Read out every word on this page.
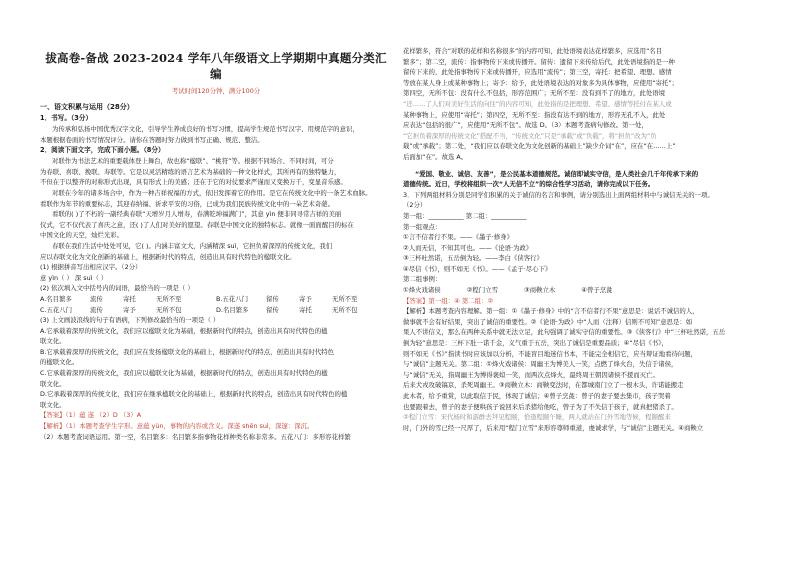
拔高卷-备战 2023-2024 学年八年级语文上学期期中真题分类汇编
考试时间120分钟，满分100分
一、语文积累与运用（28分）
1．书写。（3分）
为传承和弘扬中国优秀汉字文化，引导学生养成良好的书写习惯，提高学生规范书写汉字、用规范字的意识，
本题根据卷面的书写情况评分。请你在答题时努力做到书写正确、规范、整洁。
2．阅读下面文字，完成下面小题。（8分）
对联作为书法艺术的重要载体登上舞台，故也称“楹联”、“桃符”等。根据不同场合、不同时间，可分
为春联、喜联、挽联、寿联等。它是以灵活精练的语言艺术为基础的一种文化样式，其所再有的独特魅力，
不但在于以整齐的对称形式出现，具有形式上的美感；还在于它的对仗要求严谨而又变换万千，变显音乐感。
对联在今年的诸多场合中，作为一种吉祥祝福的方式，依旧发挥着它的作用。是它在传统文化中的一条艺术血脉。
看联作为年节的重要标志，其迎春纳福、祈求平安的习俗，已成为我们民族传统文化中的一朵艺术奇葩。
看联的( )了不朽的一副经典春联“天增岁月人增寿，春满乾坤福满门”，其意 yìn 便非同寻常吉祥的美丽
仪式，它不仅代表了喜庆之意，还( )了人们对美好的愿望。春联是中国文化的独特标志。就像一面面醒目的标在
中国文化的天空，灿烂光彩。
春联在我们生活中处处可见，它( )。内涵丰富文大，内涵精深 suì，它担负着深厚的传统文化，我们
应以春联文化为文化创新的基础上，根据新时代的特点，创造出具有时代特色的楹联文化。
(1) 根据拼音写出相应汉字。（2分）
意 yìn（ ） 深 suì（ ）
(2) 依次填入文中括号内的词语，最恰当的一项是（ ）
A.名目繁多	流传	寄托	无所不至	B.五花八门	留传	寄予	无所不至
C.五花八门	流传	寄予	无所不包	D.名目繁多	留传	寄托	无所不包
(3) 上文画波浪线的句子有语病，下列修改最恰当的一项是（ ）
A.它承载着深厚的传统文化，我们应以楹联文化为基础，根据新时代的特点，创造出具有时代特色的楹
联文化。
B.它承载着深厚的传统文化，我们应在发扬楹联文化的基础上，根据新时代的特点，创造出具有时代特色
的楹联文化。
C.它承载着深厚的传统文化，我们应以楹联文化为基础，根据新时代的特点，创造出具有时代特色的楹
联文化。
D.它承载着深厚的传统文化，我们应在继承楹联文化的基础上，根据新时代的特点，创造出具有时代特色的楹
联文化。
【答案】（1）蕴 遂 （2）D （3）A
【解析】（1）本题考查学生字形。意蕴 yùn，事物的内容或含义。深遂 shēn suì，深邃：深沉。
（2）本题考查词语运用。第一空，名目繁多：名目繁多指事物花样种类名称非常多。五花八门：多形容花样繁
花样繁多，符合“对联的花样和名称很多”的内容可知，此处语境表达花样繁多，应选用“名目
繁多”；第二空，流传：指事物传下来或传播开。留传：遗留下来传给后代，此处语境指的是一种
留传下来的，此处指事物传下来或传播开，应选用“流传”；第三空，寄托：把希望、理想、感情
等放在某人身上或某种事物上；寄予：给予，此处语境表达的对象多为具体事物，应使用“寄托”；
第四空，无所不包：没有什么不包括，形容范围广；无所不至：没有到不了的地方，此处语境
“还……了人们对美好生活的向往”的内容可知，此处指的是把理想、希望、感情等托付在某人或
某种事物上，应使用“寄托”；第四空，无所不至：指没有达不到的地方，形容无孔不入，此处
应表达“包括的很广”，应使用“无所不包”。故选 D。（3）本题考查病句修改。第一处，
“它担负着深厚的传统文化”搭配不当，“传统文化”只是“承载”或“负载”，将“担负”改为“负
载”或“承载”；第二处，“我们应以春联文化为文化创新的基础上”缺少介词“在”，应在“在……上”
后面加“在”。故选 A。
“爱国、敬业、诚信、友善”，是公民基本道德规范。诚信即诚实守信，是人类社会几千年传承下来的
道德传统。近日，学校将组织一次“人无信不立”的综合性学习活动，请你完成以下任务。
3．下列两组材料分别是同学们积累的关于诚信的名言和事例，请分别选出上面两组材料中与诚信无关的一项。
（2分）
第一组：___________ 第二组：___________
第一组观点：
①言不信者行不果。——《墨子·修身》
②人而无信，不知其可也。——《论语·为政》
③三杯吐然诺，五岳倒为轻。——李白《侠客行》
④尽信《书》，则不如无《书》。——《孟子·尽心下》
第二组事例：
①烽火戏诸侯	②程门立雪	③商鞅立木	④曾子烹彘
【答案】第一组：④ 第二组：②
【解析】本题考查内容理解。第一组：①《墨子·修身》中的“言不信者行不果”意思是：说话不诚信的人，
做事就不会有好结果，突出了诚信的重要性。②《论语·为政》中“人而（注释）信则不可知”意思是：如
果人不讲信义，那么在两种关系中就无法立足，此句强调了诚实守信的重要性。③《侠客行》中“三杯吐然诺，五岳
倒为轻”意思是：三杯下肚一诺千金，义气重于五岳，突出了诚信是重要品质；④“尽信《书》，
则不如无《书》”指读书时应该加以分析，不能盲目地迷信书本，不能完全相信它，应当辩证地看待问题，
与“诚信”主题无关。第二组：①烽火戏诸侯：周幽王为博美人一笑，点燃了烽火台，失信于诸侯，
与“诚信”无关，指周幽王为博得褒姒一笑，而两次点烽火，最终周王朝因诸侯不援而灭亡。
后来犬戎攻破镐京，杀死周幽王。③商鞅立木：商鞅变法时，在都城南门立了一根木头，许诺能搬走
此木者，给予重赏，以此取信于民，体现了诚信；④曾子烹彘：曾子的妻子要去集市，孩子哭着
也要跟着去，曾子的妻子便哄孩子说回来后杀猪给他吃，曾子为了不失信于孩子，就真把猪杀了。
②程门立雪：宋代杨时和游酢去拜见程颐，恰逢程颐午睡，两人就站在门外雪地等候，程颐醒来
时，门外的雪已经一尺厚了，后来用“程门立雪”来形容尊师重道，虔诚求学，与“诚信”主题无关。④商鞅立
